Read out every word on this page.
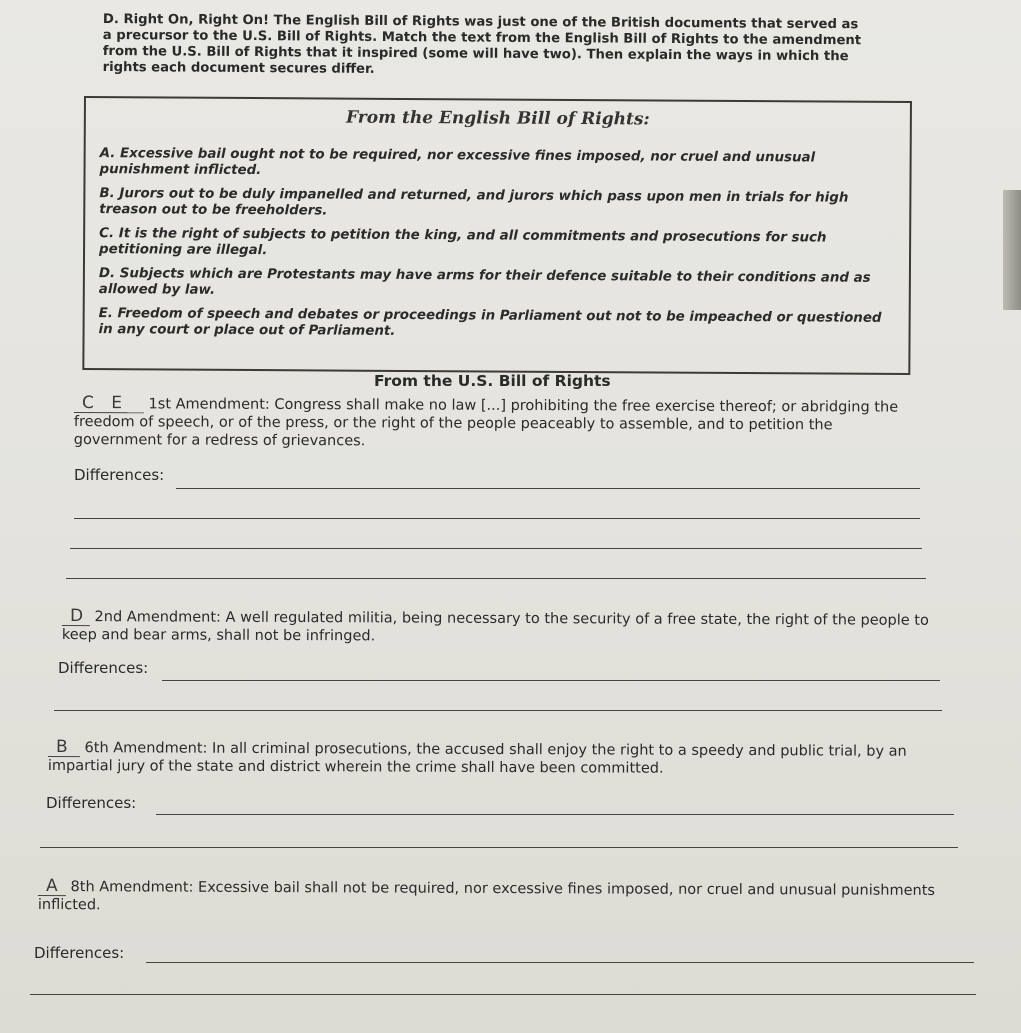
D. Right On, Right On! The English Bill of Rights was just one of the British documents that served as a precursor to the U.S. Bill of Rights. Match the text from the English Bill of Rights to the amendment from the U.S. Bill of Rights that it inspired (some will have two). Then explain the ways in which the rights each document secures differ.
From the English Bill of Rights:
A. Excessive bail ought not to be required, nor excessive fines imposed, nor cruel and unusual punishment inflicted.
B. Jurors out to be duly impanelled and returned, and jurors which pass upon men in trials for high treason out to be freeholders.
C. It is the right of subjects to petition the king, and all commitments and prosecutions for such petitioning are illegal.
D. Subjects which are Protestants may have arms for their defence suitable to their conditions and as allowed by law.
E. Freedom of speech and debates or proceedings in Parliament out not to be impeached or questioned in any court or place out of Parliament.
From the U.S. Bill of Rights
C E 1st Amendment: Congress shall make no law [...] prohibiting the free exercise thereof; or abridging the freedom of speech, or of the press, or the right of the people peaceably to assemble, and to petition the government for a redress of grievances.
Differences:
D 2nd Amendment: A well regulated militia, being necessary to the security of a free state, the right of the people to keep and bear arms, shall not be infringed.
Differences:
B 6th Amendment: In all criminal prosecutions, the accused shall enjoy the right to a speedy and public trial, by an impartial jury of the state and district wherein the crime shall have been committed.
Differences:
A 8th Amendment: Excessive bail shall not be required, nor excessive fines imposed, nor cruel and unusual punishments inflicted.
Differences:
